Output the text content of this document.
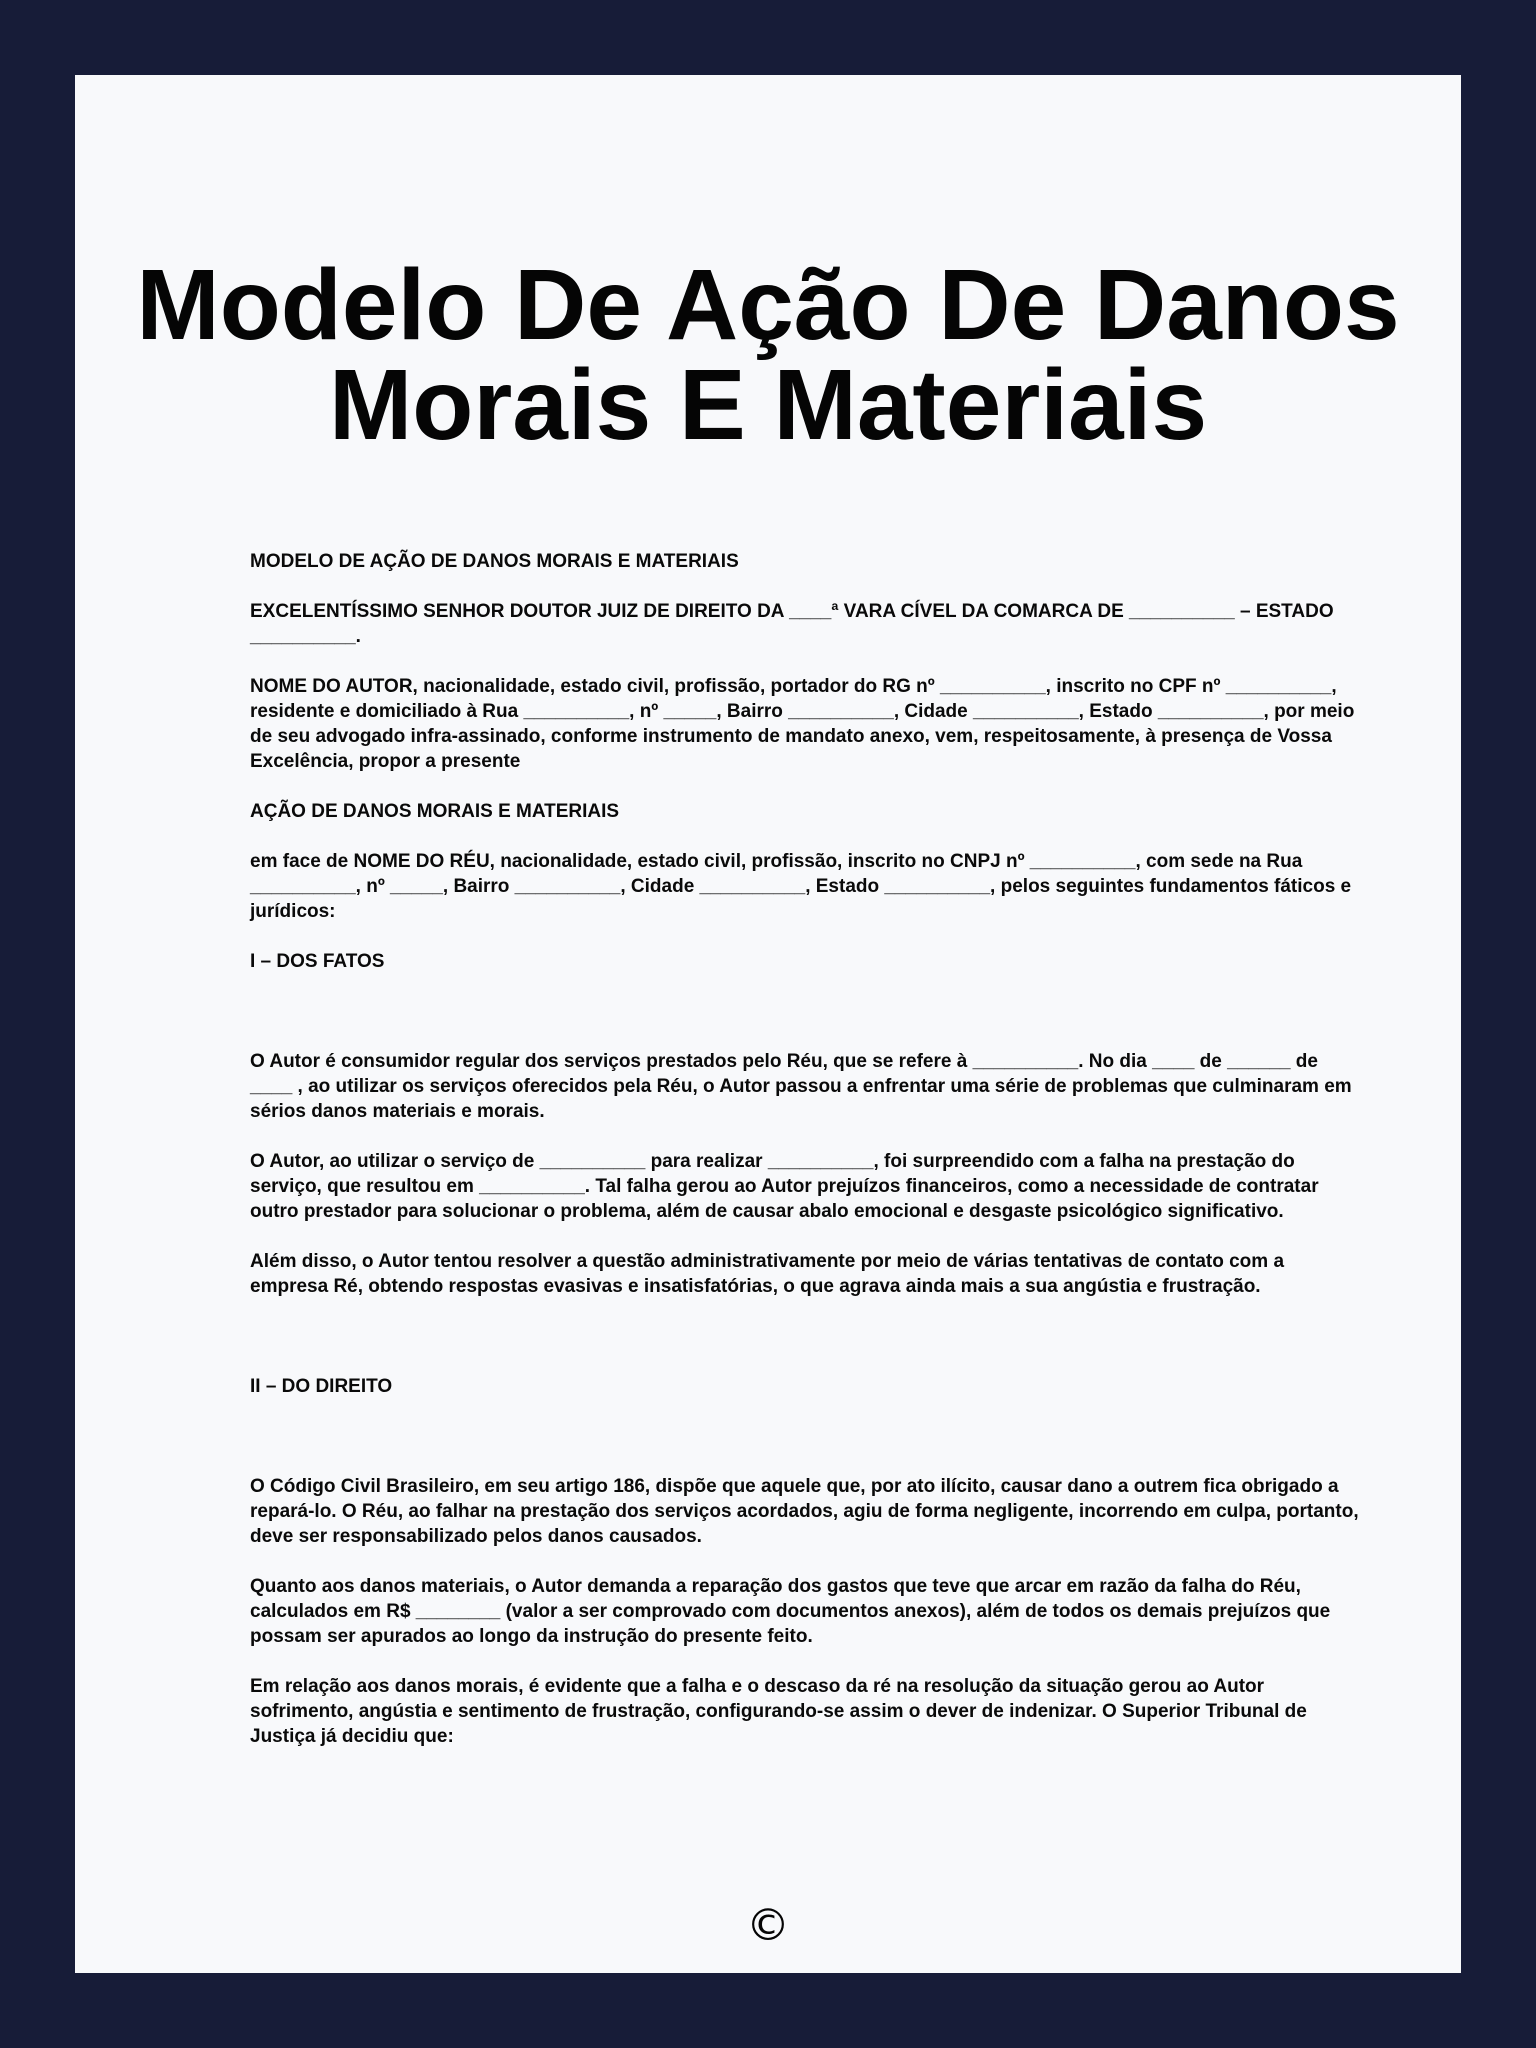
Modelo De Ação De Danos
Morais E Materiais

MODELO DE AÇÃO DE DANOS MORAIS E MATERIAIS

EXCELENTÍSSIMO SENHOR DOUTOR JUIZ DE DIREITO DA ____ª VARA CÍVEL DA COMARCA DE __________ – ESTADO __________.

NOME DO AUTOR, nacionalidade, estado civil, profissão, portador do RG nº __________, inscrito no CPF nº __________, residente e domiciliado à Rua __________, nº _____, Bairro __________, Cidade __________, Estado __________, por meio de seu advogado infra-assinado, conforme instrumento de mandato anexo, vem, respeitosamente, à presença de Vossa Excelência, propor a presente

AÇÃO DE DANOS MORAIS E MATERIAIS

em face de NOME DO RÉU, nacionalidade, estado civil, profissão, inscrito no CNPJ nº __________, com sede na Rua __________, nº _____, Bairro __________, Cidade __________, Estado __________, pelos seguintes fundamentos fáticos e jurídicos:

I – DOS FATOS

O Autor é consumidor regular dos serviços prestados pelo Réu, que se refere à __________. No dia ____ de ______ de ____ , ao utilizar os serviços oferecidos pela Réu, o Autor passou a enfrentar uma série de problemas que culminaram em sérios danos materiais e morais.

O Autor, ao utilizar o serviço de __________ para realizar __________, foi surpreendido com a falha na prestação do serviço, que resultou em __________. Tal falha gerou ao Autor prejuízos financeiros, como a necessidade de contratar outro prestador para solucionar o problema, além de causar abalo emocional e desgaste psicológico significativo.

Além disso, o Autor tentou resolver a questão administrativamente por meio de várias tentativas de contato com a empresa Ré, obtendo respostas evasivas e insatisfatórias, o que agrava ainda mais a sua angústia e frustração.

II – DO DIREITO

O Código Civil Brasileiro, em seu artigo 186, dispõe que aquele que, por ato ilícito, causar dano a outrem fica obrigado a repará-lo. O Réu, ao falhar na prestação dos serviços acordados, agiu de forma negligente, incorrendo em culpa, portanto, deve ser responsabilizado pelos danos causados.

Quanto aos danos materiais, o Autor demanda a reparação dos gastos que teve que arcar em razão da falha do Réu, calculados em R$ ________ (valor a ser comprovado com documentos anexos), além de todos os demais prejuízos que possam ser apurados ao longo da instrução do presente feito.

Em relação aos danos morais, é evidente que a falha e o descaso da ré na resolução da situação gerou ao Autor sofrimento, angústia e sentimento de frustração, configurando-se assim o dever de indenizar. O Superior Tribunal de Justiça já decidiu que:

©
